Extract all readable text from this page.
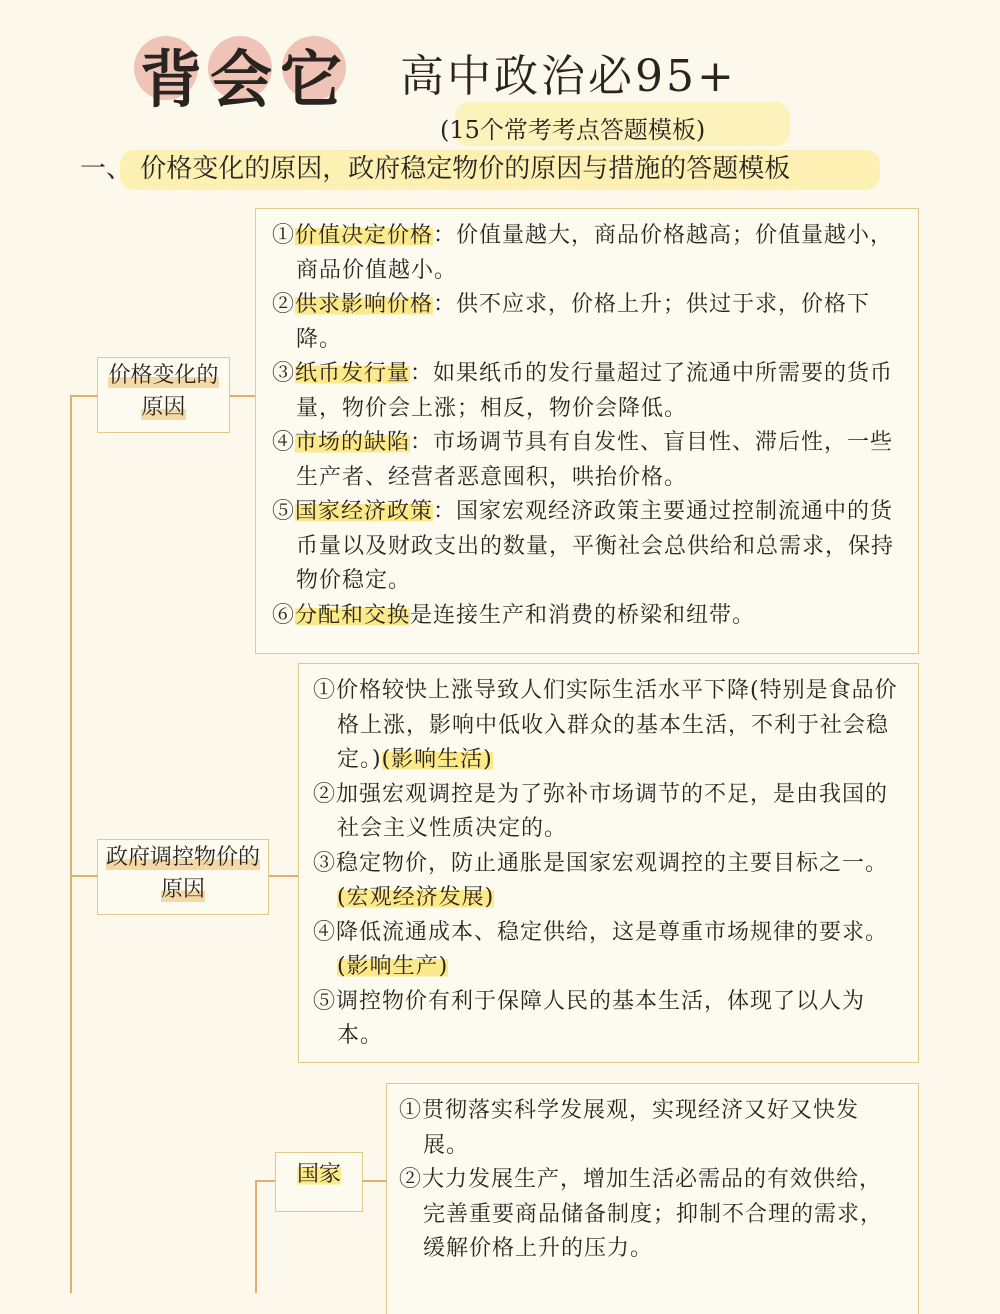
背会它 高中政治必95+
(15个常考考点答题模板)
一、 价格变化的原因，政府稳定物价的原因与措施的答题模板
价格变化的原因
①价值决定价格：价值量越大，商品价格越高；价值量越小，商品价值越小。
②供求影响价格：供不应求，价格上升；供过于求，价格下降。
③纸币发行量：如果纸币的发行量超过了流通中所需要的货币量，物价会上涨；相反，物价会降低。
④市场的缺陷：市场调节具有自发性、盲目性、滞后性，一些生产者、经营者恶意囤积，哄抬价格。
⑤国家经济政策：国家宏观经济政策主要通过控制流通中的货币量以及财政支出的数量，平衡社会总供给和总需求，保持物价稳定。
⑥分配和交换是连接生产和消费的桥梁和纽带。
政府调控物价的原因
①价格较快上涨导致人们实际生活水平下降(特别是食品价格上涨，影响中低收入群众的基本生活，不利于社会稳定。)(影响生活)
②加强宏观调控是为了弥补市场调节的不足，是由我国的社会主义性质决定的。
③稳定物价，防止通胀是国家宏观调控的主要目标之一。(宏观经济发展)
④降低流通成本、稳定供给，这是尊重市场规律的要求。(影响生产)
⑤调控物价有利于保障人民的基本生活，体现了以人为本。
国家
①贯彻落实科学发展观，实现经济又好又快发展。
②大力发展生产，增加生活必需品的有效供给，完善重要商品储备制度；抑制不合理的需求，缓解价格上升的压力。
